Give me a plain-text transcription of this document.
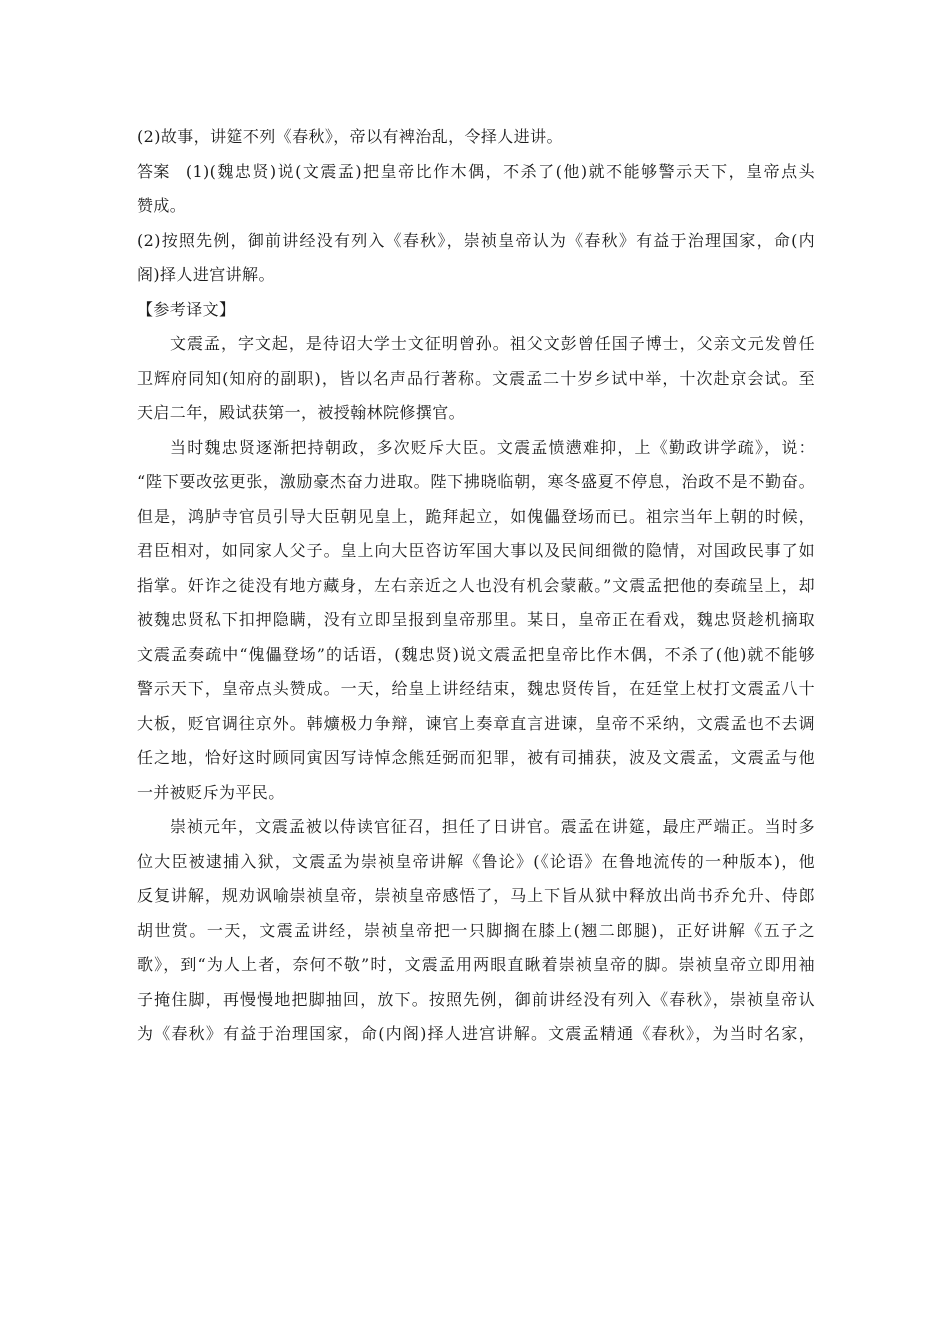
(2)故事，讲筵不列《春秋》，帝以有裨治乱，令择人进讲。
答案 (1)(魏忠贤)说(文震孟)把皇帝比作木偶，不杀了(他)就不能够警示天下，皇帝点头
赞成。
(2)按照先例，御前讲经没有列入《春秋》，崇祯皇帝认为《春秋》有益于治理国家，命(内
阁)择人进宫讲解。
【参考译文】
文震孟，字文起，是待诏大学士文征明曾孙。祖父文彭曾任国子博士，父亲文元发曾任
卫辉府同知(知府的副职)，皆以名声品行著称。文震孟二十岁乡试中举，十次赴京会试。至
天启二年，殿试获第一，被授翰林院修撰官。
当时魏忠贤逐渐把持朝政，多次贬斥大臣。文震孟愤懑难抑，上《勤政讲学疏》，说：
“陛下要改弦更张，激励豪杰奋力进取。陛下拂晓临朝，寒冬盛夏不停息，治政不是不勤奋。
但是，鸿胪寺官员引导大臣朝见皇上，跪拜起立，如傀儡登场而已。祖宗当年上朝的时候，
君臣相对，如同家人父子。皇上向大臣咨访军国大事以及民间细微的隐情，对国政民事了如
指掌。奸诈之徒没有地方藏身，左右亲近之人也没有机会蒙蔽。”文震孟把他的奏疏呈上，却
被魏忠贤私下扣押隐瞒，没有立即呈报到皇帝那里。某日，皇帝正在看戏，魏忠贤趁机摘取
文震孟奏疏中“傀儡登场”的话语，(魏忠贤)说文震孟把皇帝比作木偶，不杀了(他)就不能够
警示天下，皇帝点头赞成。一天，给皇上讲经结束，魏忠贤传旨，在廷堂上杖打文震孟八十
大板，贬官调往京外。韩爌极力争辩，谏官上奏章直言进谏，皇帝不采纳，文震孟也不去调
任之地，恰好这时顾同寅因写诗悼念熊廷弼而犯罪，被有司捕获，波及文震孟，文震孟与他
一并被贬斥为平民。
崇祯元年，文震孟被以侍读官征召，担任了日讲官。震孟在讲筵，最庄严端正。当时多
位大臣被逮捕入狱，文震孟为崇祯皇帝讲解《鲁论》(《论语》在鲁地流传的一种版本)，他
反复讲解，规劝讽喻崇祯皇帝，崇祯皇帝感悟了，马上下旨从狱中释放出尚书乔允升、侍郎
胡世赏。一天，文震孟讲经，崇祯皇帝把一只脚搁在膝上(翘二郎腿)，正好讲解《五子之
歌》，到“为人上者，奈何不敬”时，文震孟用两眼直瞅着崇祯皇帝的脚。崇祯皇帝立即用袖
子掩住脚，再慢慢地把脚抽回，放下。按照先例，御前讲经没有列入《春秋》，崇祯皇帝认
为《春秋》有益于治理国家，命(内阁)择人进宫讲解。文震孟精通《春秋》，为当时名家，
